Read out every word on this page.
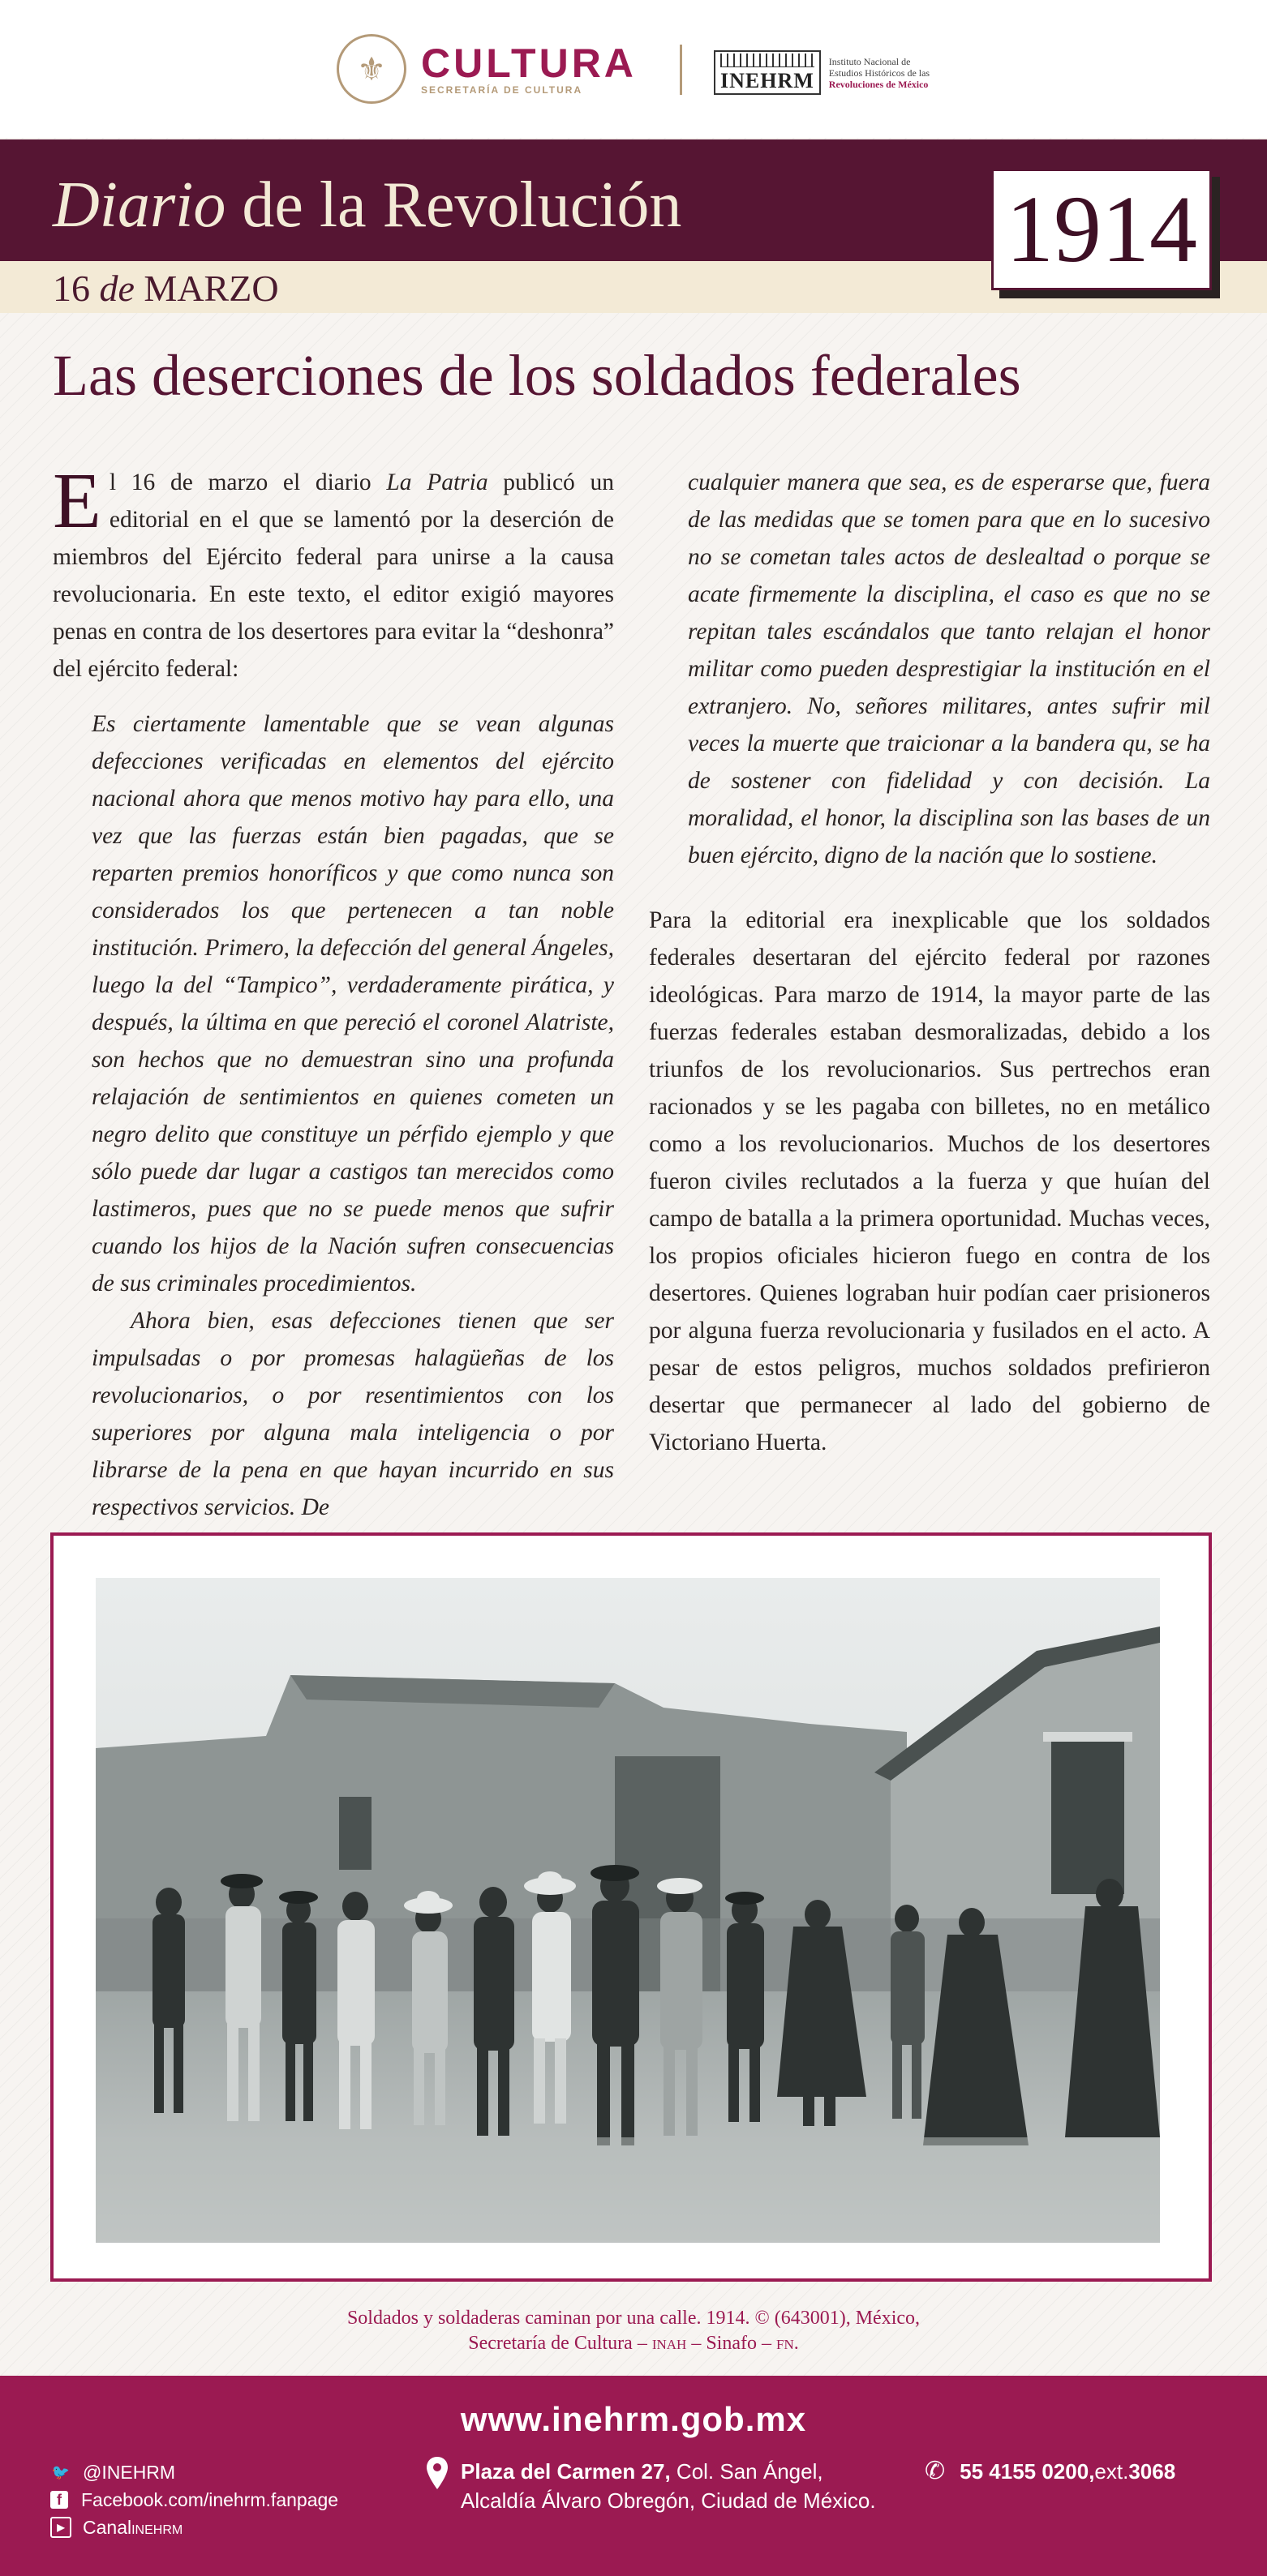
⚜ CULTURA
SECRETARÍA DE CULTURA	INEHRM
Instituto Nacional de
Estudios Históricos de las
Revoluciones de México
Diario de la Revolución
16 de MARZO
1914
Las deserciones de los soldados federales

El 16 de marzo el diario La Patria publicó un editorial en el que se lamentó por la deserción de miembros del Ejército federal para unirse a la causa revolucionaria. En este texto, el editor exigió mayores penas en contra de los desertores para evitar la “deshonra” del ejército federal:

Es ciertamente lamentable que se vean algunas defecciones verificadas en elementos del ejército nacional ahora que menos motivo hay para ello, una vez que las fuerzas están bien pagadas, que se reparten premios honoríficos y que como nunca son considerados los que pertenecen a tan noble institución. Primero, la defección del general Ángeles, luego la del “Tampico”, verdaderamente pirática, y después, la última en que pereció el coronel Alatriste, son hechos que no demuestran sino una profunda relajación de sentimientos en quienes cometen un negro delito que constituye un pérfido ejemplo y que sólo puede dar lugar a castigos tan merecidos como lastimeros, pues que no se puede menos que sufrir cuando los hijos de la Nación sufren consecuencias de sus criminales procedimientos.

Ahora bien, esas defecciones tienen que ser impulsadas o por promesas halagüeñas de los revolucionarios, o por resentimientos con los superiores por alguna mala inteligencia o por librarse de la pena en que hayan incurrido en sus respectivos servicios. De

cualquier manera que sea, es de esperarse que, fuera de las medidas que se tomen para que en lo sucesivo no se cometan tales actos de deslealtad o porque se acate firmemente la disciplina, el caso es que no se repitan tales escándalos que tanto relajan el honor militar como pueden desprestigiar la institución en el extranjero. No, señores militares, antes sufrir mil veces la muerte que traicionar a la bandera qu, se ha de sostener con fidelidad y con decisión. La moralidad, el honor, la disciplina son las bases de un buen ejército, digno de la nación que lo sostiene.

Para la editorial era inexplicable que los soldados federales desertaran del ejército federal por razones ideológicas. Para marzo de 1914, la mayor parte de las fuerzas federales estaban desmoralizadas, debido a los triunfos de los revolucionarios. Sus pertrechos eran racionados y se les pagaba con billetes, no en metálico como a los revolucionarios. Muchos de los desertores fueron civiles reclutados a la fuerza y que huían del campo de batalla a la primera oportunidad. Muchas veces, los propios oficiales hicieron fuego en contra de los desertores. Quienes lograban huir podían caer prisioneros por alguna fuerza revolucionaria y fusilados en el acto. A pesar de estos peligros, muchos soldados prefirieron desertar que permanecer al lado del gobierno de Victoriano Huerta.

Soldados y soldaderas caminan por una calle. 1914. © (643001), México,
Secretaría de Cultura – inah – Sinafo – fn.
www.inehrm.gob.mx
🐦 @INEHRM
f	Facebook.com/inehrm.fanpage
▶ Canal inehrm
Plaza del Carmen 27, Col. San Ángel,
Alcaldía Álvaro Obregón, Ciudad de México.
✆ 55 4155 0200, ext. 3068
